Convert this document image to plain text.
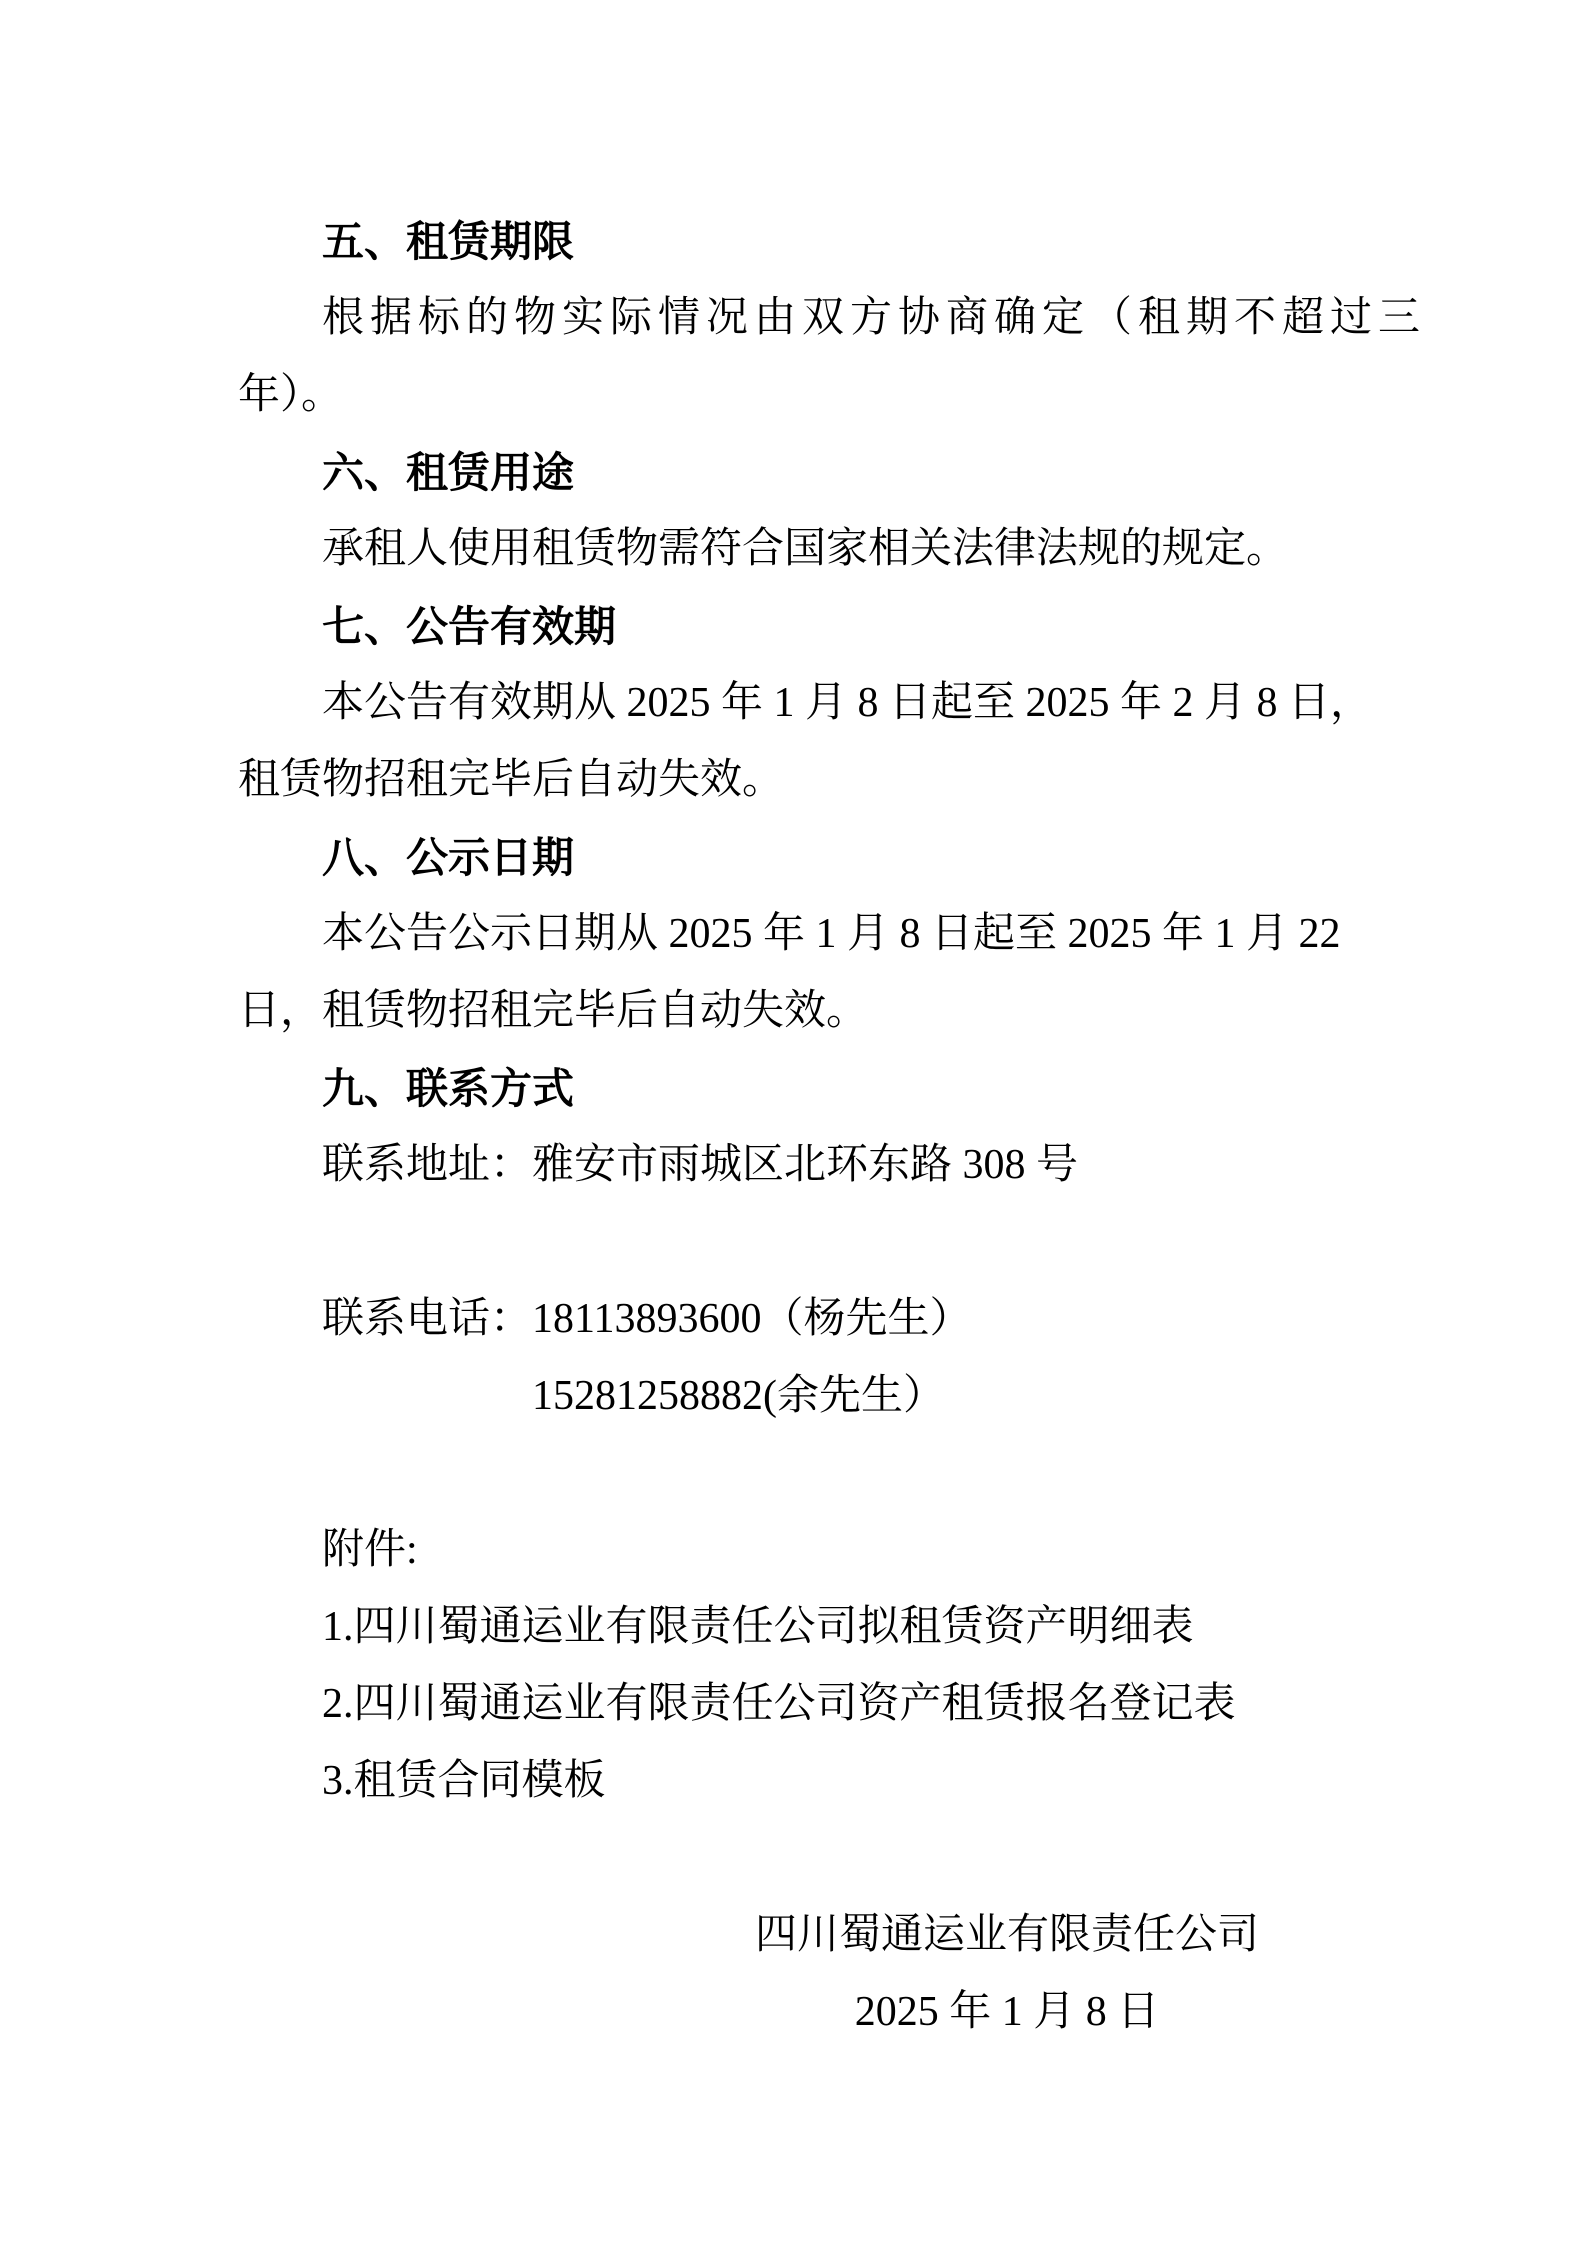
五、租赁期限
根据标的物实际情况由双方协商确定（租期不超过三
年）。
六、租赁用途
承租人使用租赁物需符合国家相关法律法规的规定。
七、公告有效期
本公告有效期从 2025 年 1 月 8 日起至 2025 年 2 月 8 日，
租赁物招租完毕后自动失效。
八、公示日期
本公告公示日期从 2025 年 1 月 8 日起至 2025 年 1 月 22
日，租赁物招租完毕后自动失效。
九、联系方式
联系地址：雅安市雨城区北环东路 308 号

联系电话：18113893600（杨先生）
15281258882(余先生）

附件:
1.四川蜀通运业有限责任公司拟租赁资产明细表
2.四川蜀通运业有限责任公司资产租赁报名登记表
3.租赁合同模板

四川蜀通运业有限责任公司
2025 年 1 月 8 日
